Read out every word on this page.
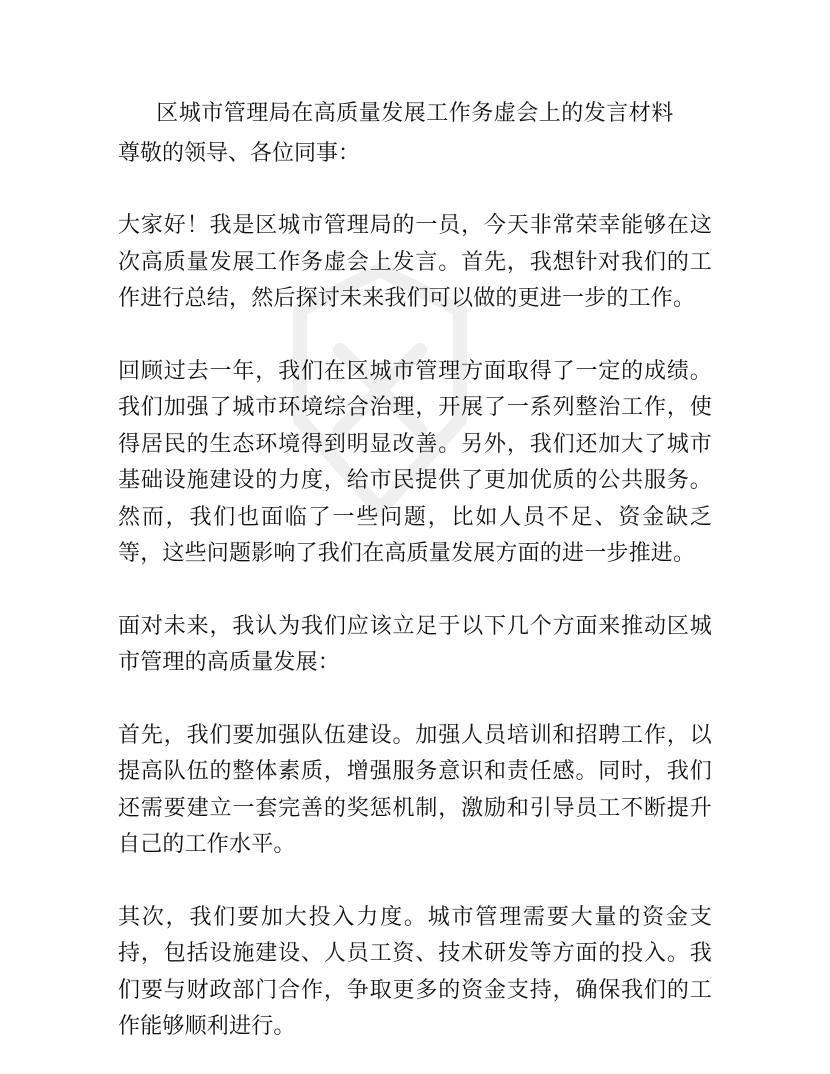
区城市管理局在高质量发展工作务虚会上的发言材料

尊敬的领导、各位同事：

大家好！我是区城市管理局的一员，今天非常荣幸能够在这次高质量发展工作务虚会上发言。首先，我想针对我们的工作进行总结，然后探讨未来我们可以做的更进一步的工作。

回顾过去一年，我们在区城市管理方面取得了一定的成绩。我们加强了城市环境综合治理，开展了一系列整治工作，使得居民的生态环境得到明显改善。另外，我们还加大了城市基础设施建设的力度，给市民提供了更加优质的公共服务。然而，我们也面临了一些问题，比如人员不足、资金缺乏等，这些问题影响了我们在高质量发展方面的进一步推进。

面对未来，我认为我们应该立足于以下几个方面来推动区城市管理的高质量发展：

首先，我们要加强队伍建设。加强人员培训和招聘工作，以提高队伍的整体素质，增强服务意识和责任感。同时，我们还需要建立一套完善的奖惩机制，激励和引导员工不断提升自己的工作水平。

其次，我们要加大投入力度。城市管理需要大量的资金支持，包括设施建设、人员工资、技术研发等方面的投入。我们要与财政部门合作，争取更多的资金支持，确保我们的工作能够顺利进行。
